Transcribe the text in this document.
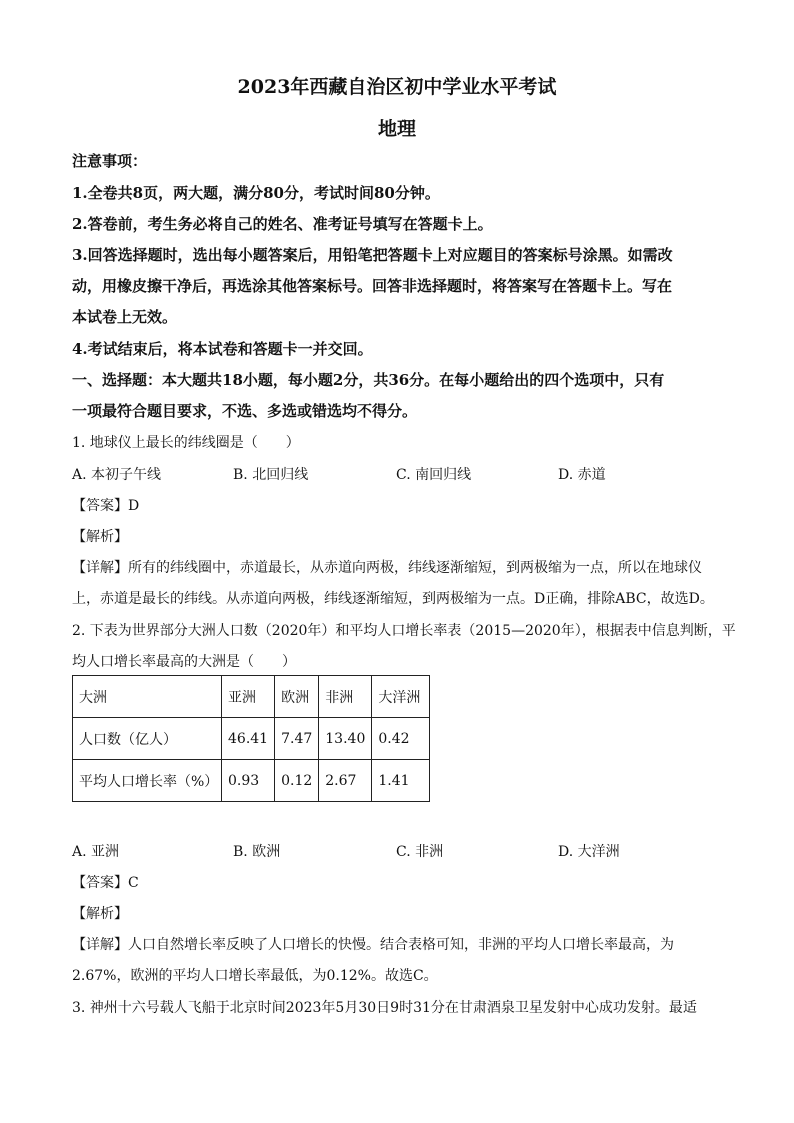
2023年西藏自治区初中学业水平考试
地理
注意事项：
1.全卷共8页，两大题，满分80分，考试时间80分钟。
2.答卷前，考生务必将自己的姓名、准考证号填写在答题卡上。
3.回答选择题时，选出每小题答案后，用铅笔把答题卡上对应题目的答案标号涂黑。如需改
动，用橡皮擦干净后，再选涂其他答案标号。回答非选择题时，将答案写在答题卡上。写在
本试卷上无效。
4.考试结束后，将本试卷和答题卡一并交回。
一、选择题：本大题共18小题，每小题2分，共36分。在每小题给出的四个选项中，只有
一项最符合题目要求，不选、多选或错选均不得分。
1. 地球仪上最长的纬线圈是（　　）
A. 本初子午线	B. 北回归线	C. 南回归线	D. 赤道
【答案】D
【解析】
【详解】所有的纬线圈中，赤道最长，从赤道向两极，纬线逐渐缩短，到两极缩为一点，所以在地球仪
上，赤道是最长的纬线。从赤道向两极，纬线逐渐缩短，到两极缩为一点。D正确，排除ABC，故选D。
2. 下表为世界部分大洲人口数（2020年）和平均人口增长率表（2015—2020年），根据表中信息判断，平
均人口增长率最高的大洲是（　　）
大洲	亚洲	欧洲	非洲	大洋洲
人口数（亿人）	46.41	7.47	13.40	0.42
平均人口增长率（%）	0.93	0.12	2.67	1.41
A. 亚洲	B. 欧洲	C. 非洲	D. 大洋洲
【答案】C
【解析】
【详解】人口自然增长率反映了人口增长的快慢。结合表格可知，非洲的平均人口增长率最高，为
2.67%，欧洲的平均人口增长率最低，为0.12%。故选C。
3. 神州十六号载人飞船于北京时间2023年5月30日9时31分在甘肃酒泉卫星发射中心成功发射。最适
